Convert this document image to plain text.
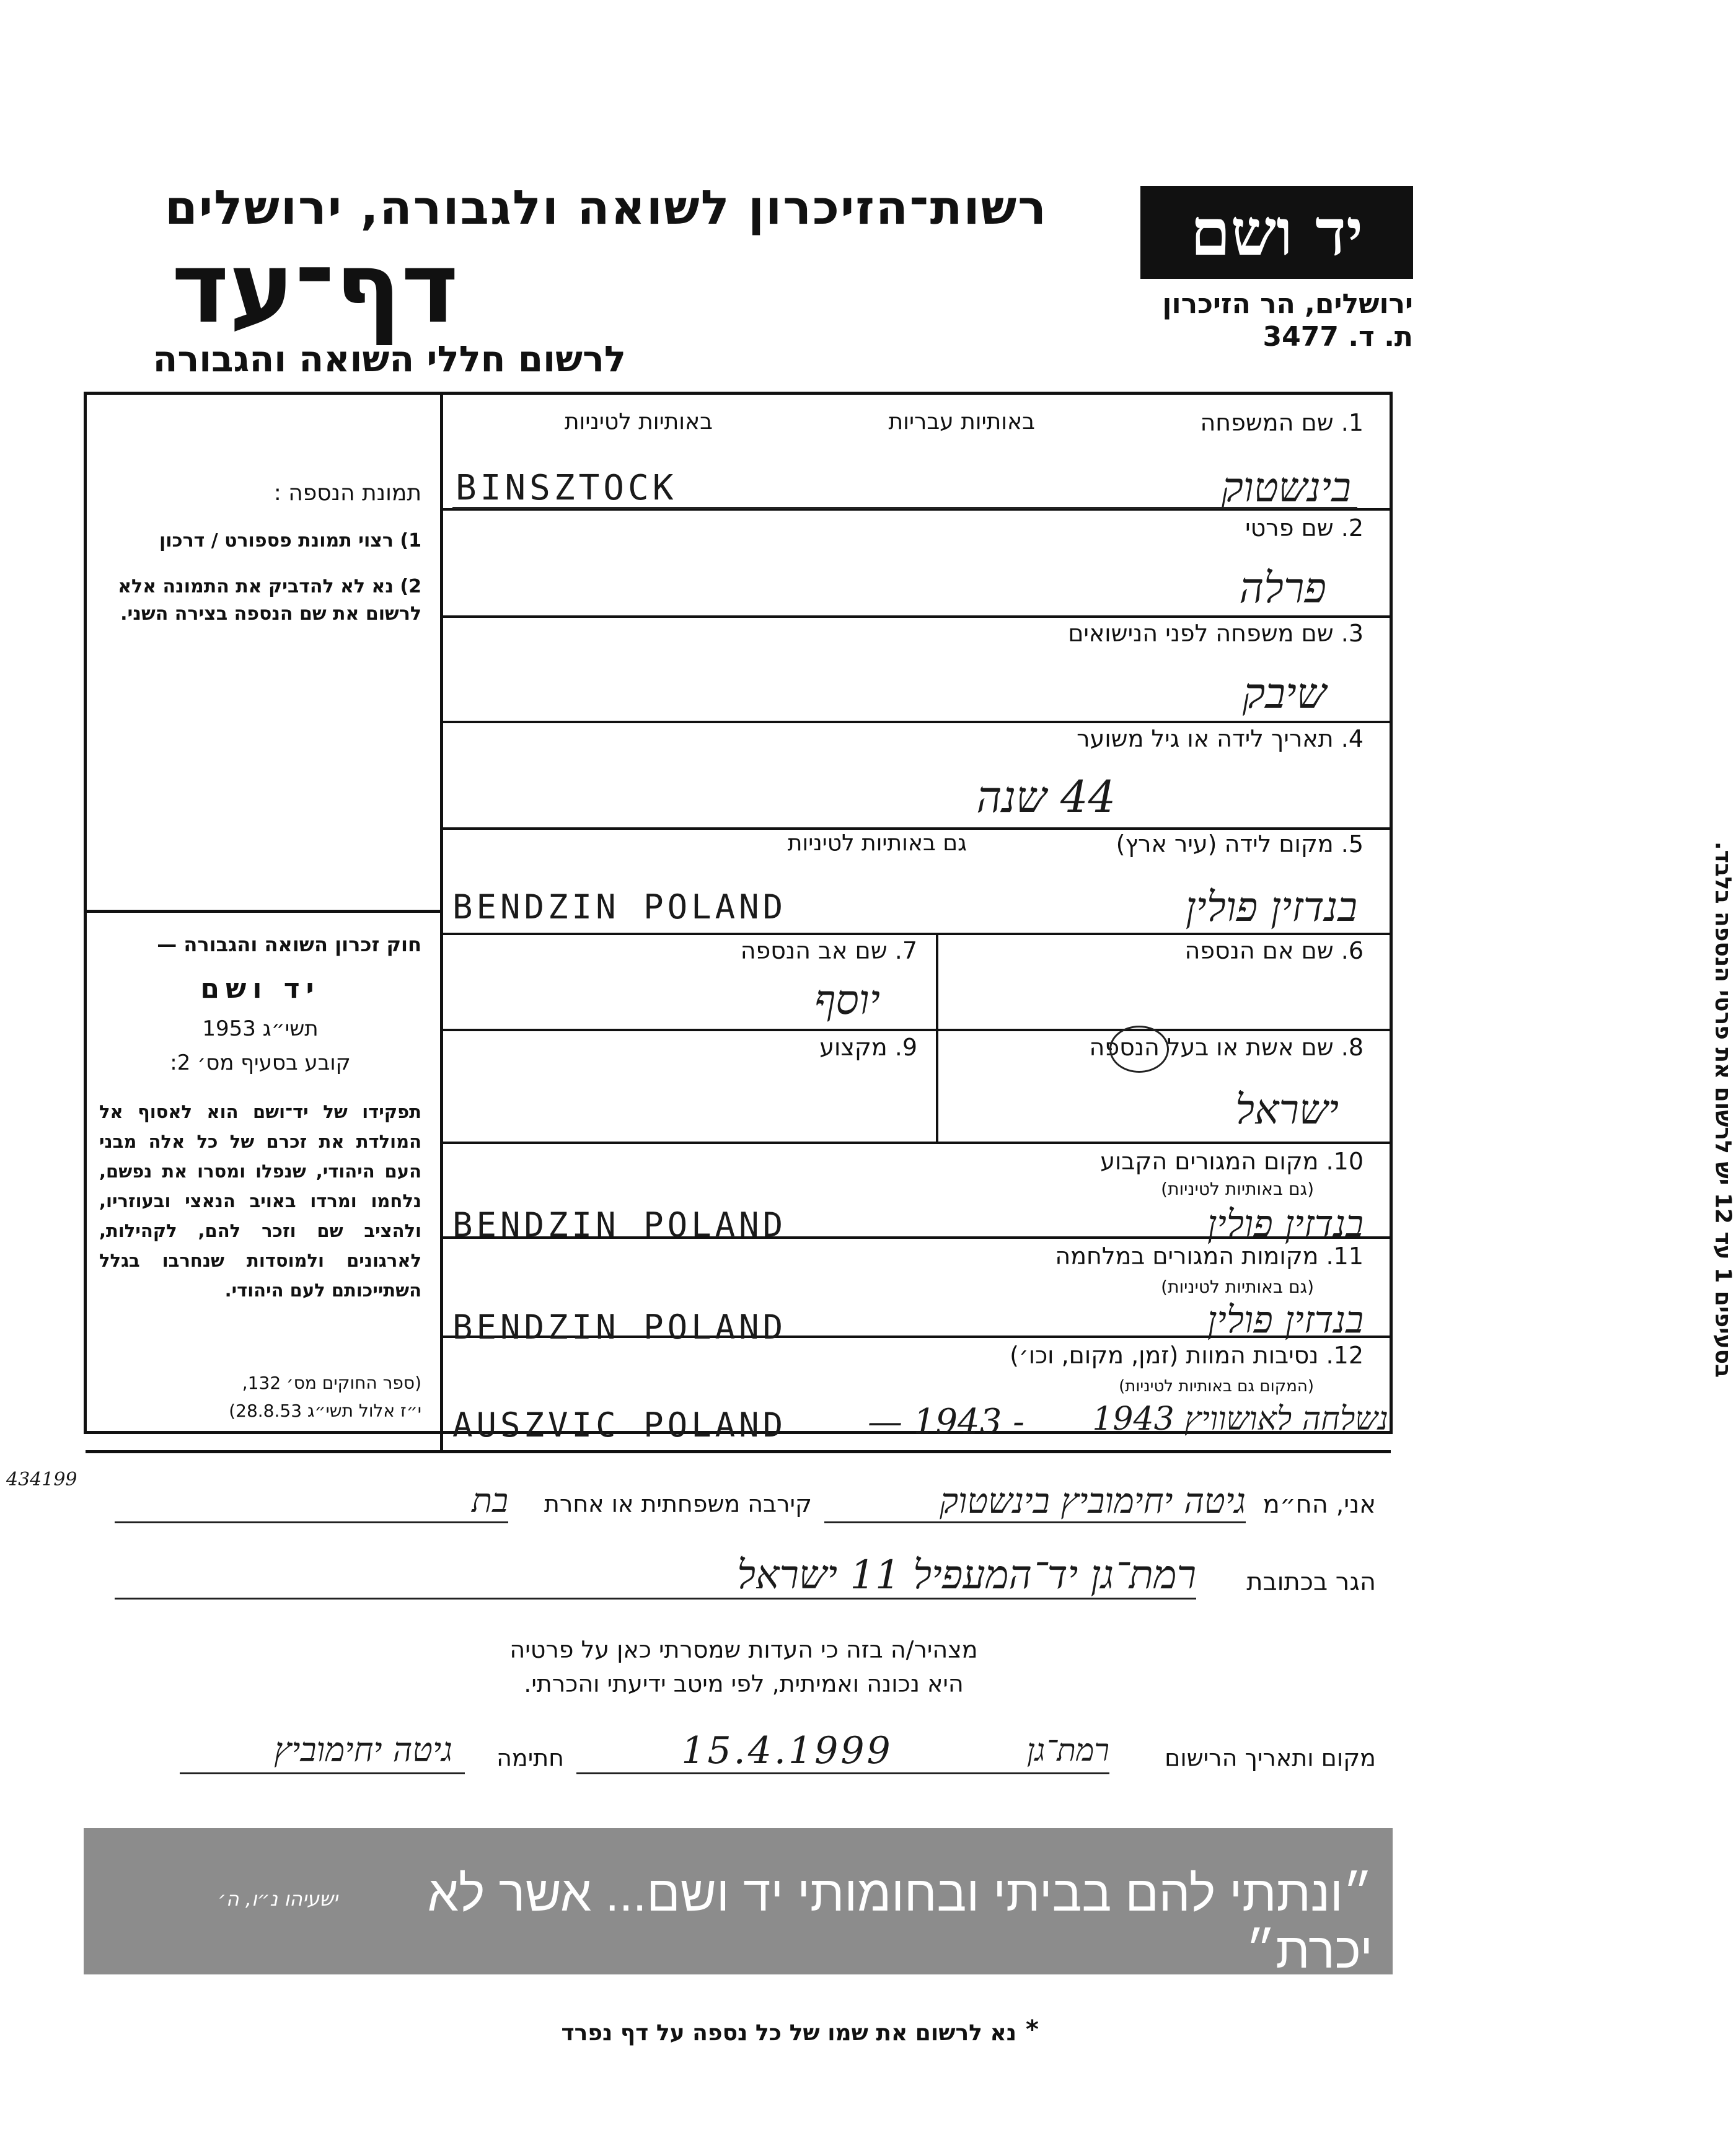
רשות־הזיכרון לשואה ולגבורה, ירושלים
דף־עד
לרשום חללי השואה והגבורה
יד ושם
ירושלים, הר הזיכרון
ת. ד. 3477
תמונת הנספה :
1) רצוי תמונת פספורט / דרכון
2) נא לא להדביק את התמונה אלא לרשום את שם הנספה בצירה השני.
חוק זכרון השואה והגבורה —
יד ושם
תשי״ג 1953
קובע בסעיף מס׳ 2:
תפקידו של יד־ושם הוא לאסוף אל המולדת את זכרם של כל אלה מבני העם היהודי, שנפלו ומסרו את נפשם, נלחמו ומרדו באויב הנאצי ובעוזריו, ולהציב שם וזכר להם, לקהילות, לארגונים ולמוסדות שנחרבו בגלל השתייכותם לעם היהודי.
(ספר החוקים מס׳ 132,
י״ז אלול תשי״ג 28.8.53)
1. שם המשפחה
באותיות עבריות
באותיות לטיניות
בינשטוק
BINSZTOCK
2. שם פרטי
פרלה
3. שם משפחה לפני הנישואים
שיבק
4. תאריך לידה או גיל משוער
44 שנה
5. מקום לידה (עיר ארץ)
גם באותיות לטיניות
בנדזין פולין
BENDZIN POLAND
6. שם אם הנספה
7. שם אב הנספה
יוסף
8. שם אשת או בעל הנספה
9. מקצוע
ישראל
10. מקום המגורים הקבוע
(גם באותיות לטיניות)
בנדזין פולין
BENDZIN POLAND
11. מקומות המגורים במלחמה
(גם באותיות לטיניות)
בנדזין פולין
BENDZIN POLAND
12. נסיבות המוות (זמן, מקום, וכו׳)
(המקום גם באותיות לטיניות)
נשלחה לאושוויץ 1943
AUSZVIC POLAND	— 1943 -
בסעיפים 1 עד 12 יש לרשום את פרטי הנספה בלבד.
434199
אני, הח״מ
גיטה יחימוביץ בינשטוק
קירבה משפחתית או אחרת
בת
הגר בכתובת
רמת־גן יד־המעפיל 11 ישראל
מצהיר/ה בזה כי העדות שמסרתי כאן על פרטיה
היא נכונה ואמיתית, לפי מיטב ידיעתי והכרתי.
מקום ותאריך הרישום
רמת־גן
15.4.1999
חתימה
גיטה יחימוביץ
״ונתתי להם בביתי ובחומותי יד ושם... אשר לא יכרת״
ישעיהו נ״ו, ה׳
נא לרשום את שמו של כל נספה על דף נפרד *
